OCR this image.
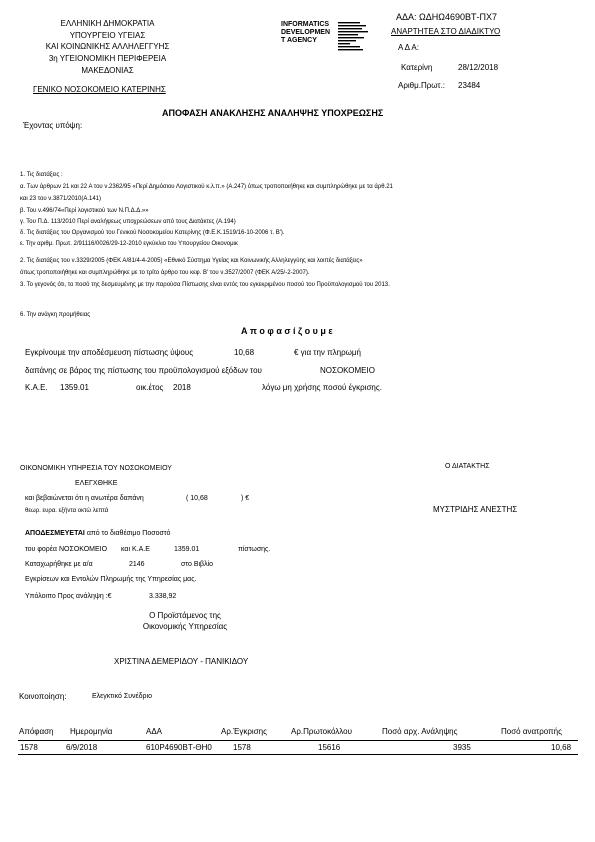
ΕΛΛΗΝΙΚΗ ΔΗΜΟΚΡΑΤΙΑ
ΥΠΟΥΡΓΕΙΟ ΥΓΕΙΑΣ
ΚΑΙ ΚΟΙΝΩΝΙΚΗΣ ΑΛΛΗΛΕΓΓΥΗΣ
3η ΥΓΕΙΟΝΟΜΙΚΗ ΠΕΡΙΦΕΡΕΙΑ
ΜΑΚΕΔΟΝΙΑΣ
ΓΕΝΙΚΟ ΝΟΣΟΚΟΜΕΙΟ ΚΑΤΕΡΙΝΗΣ
INFORMATICS
DEVELOPMEN
T AGENCY
ΑΔΑ: ΩΔΗΩ4690ΒΤ-ΠΧ7
ΑΝΑΡΤΗΤΕΑ ΣΤΟ ΔΙΑΔΙΚΤΥΟ
Α Δ Α:
Κατερίνη	28/12/2018
Αριθμ.Πρωτ.: 23484
ΑΠΟΦΑΣΗ ΑΝΑΚΛΗΣΗΣ ΑΝΑΛΗΨΗΣ ΥΠΟΧΡΕΩΣΗΣ
Έχοντας υπόψη:
1. Τις διατάξεις :
α. Των άρθρων 21 και 22 Α του ν.2362/95 «Περί Δημόσιου Λογιστικού κ.λ.π.» (Α.247) όπως τροποποιήθηκε και συμπληρώθηκε με τα άρθ.21
και 23 του ν.3871/2010(Α.141)
β. Του ν.496/74«Περί λογιστικού των Ν.Π.Δ.Δ.»»
γ. Του Π.Δ. 113/2010 Περί αναλήψεως υποχρεώσεων από τους Διατάκτες (Α.194)
δ. Τις διατάξεις του Οργανισμού του Γενικού Νοσοκομείου Κατερίνης (Φ.Ε.Κ.1519/16-10-2006 τ. Β').
ε. Την αριθμ. Πρωτ. 2/91116/0026/29-12-2010 εγκύκλιο του Υπουργείου Οικονομικ
2. Τις διατάξεις του ν.3329/2005 (ΦΕΚ Α/81/4-4-2005) «Εθνικό Σύστημα Υγείας και Κοινωνικής Αλληλεγγύης και λοιπές διατάξεις»
όπως τροποποιήθηκε και συμπληρώθηκε με το τρίτο άρθρο του κεφ. Β' του ν.3527/2007 (ΦΕΚ Α/25/-2-2007).
3. Το γεγονός ότι, το ποσό της δεσμευμένης με την παρούσα Πίστωσης είναι εντός του εγκεκριμένου ποσού του Προϋπολογισμού του 2013.
6. Την ανάγκη προμήθειας
Α π ο φ α σ ί ζ ο υ μ ε
Εγκρίνουμε την αποδέσμευση πίστωσης ύψους	10,68	€ για την πληρωμή
δαπάνης σε βάρος της πίστωσης του προϋπολογισμού εξόδων του	ΝΟΣΟΚΟΜΕΙΟ
Κ.Α.Ε. 1359.01	οικ.έτος 2018	λόγω μη χρήσης ποσού έγκρισης.
ΟΙΚΟΝΟΜΙΚΗ ΥΠΗΡΕΣΙΑ ΤΟΥ ΝΟΣΟΚΟΜΕΙΟΥ	Ο ΔΙΑΤΑΚΤΗΣ
ΕΛΕΓΧΘΗΚΕ
και βεβαιώνεται ότι η ανωτέρα δαπάνη	( 10,68	) €
θεωρ. ευρα. εξήντα οκτώ λεπτά	ΜΥΣΤΡΙΔΗΣ ΑΝΕΣΤΗΣ
ΑΠΟΔΕΣΜΕΥΕΤΑΙ από το διαθέσιμο Ποσοστό
του φορέα ΝΟΣΟΚΟΜΕΙΟ και Κ.Α.Ε	1359.01	πίστωσης.
Καταχωρήθηκε με α/α	2146	στο Βιβλίο
Εγκρίσεων και Εντολών Πληρωμής της Υπηρεσίας μας.
Υπόλοιπο Προς ανάληψη :€	3.338,92
Ο Προϊστάμενος της
Οικονομικής Υπηρεσίας
ΧΡΙΣΤΙΝΑ ΔΕΜΕΡΙΔΟΥ - ΠΑΝΙΚΙΔΟΥ
Κοινοποίηση:	Ελεγκτικό Συνέδριο
Απόφαση Ημερομηνία	ΑΔΑ	Αρ.Έγκρισης	Αρ.Πρωτοκόλλου	Ποσό αρχ. Ανάληψης	Ποσό ανατροπής
1578	6/9/2018	610Ρ4690ΒΤ-ΘΗ0	1578	15616	3935	10,68
